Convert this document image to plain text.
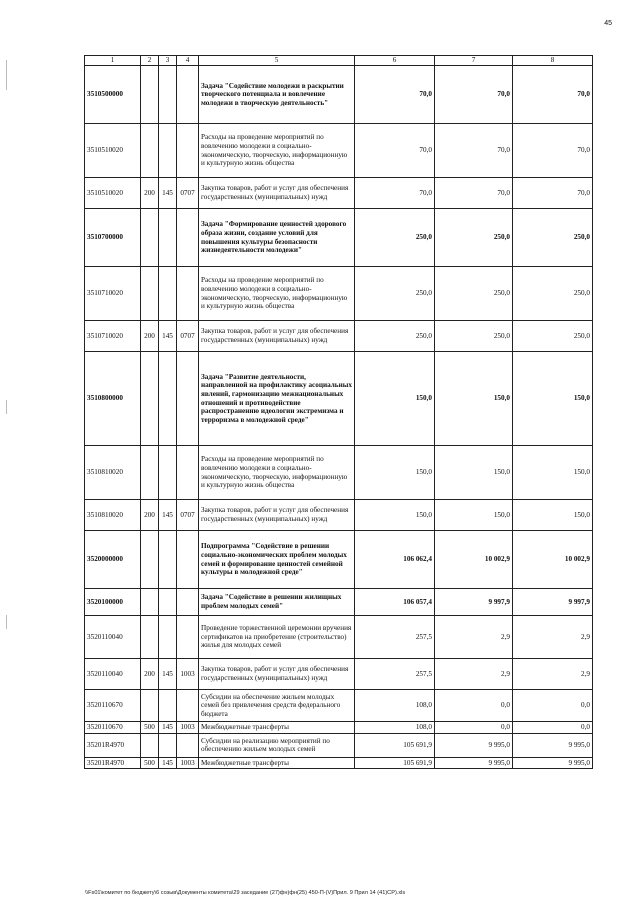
45
1	2	3	4	5	6	7	8
3510500000				Задача "Содействие молодежи в раскрытии творческого потенциала и вовлечение молодежи в творческую деятельность"	70,0	70,0	70,0
3510510020				Расходы на проведение мероприятий по вовлечению молодежи в социально-экономическую, творческую, информационную и культурную жизнь общества	70,0	70,0	70,0
3510510020	200	145	0707	Закупка товаров, работ и услуг для обеспечения государственных (муниципальных) нужд	70,0	70,0	70,0
3510700000				Задача "Формирование ценностей здорового образа жизни, создание условий для повышения культуры безопасности жизнедеятельности молодежи"	250,0	250,0	250,0
3510710020				Расходы на проведение мероприятий по вовлечению молодежи в социально-экономическую, творческую, информационную и культурную жизнь общества	250,0	250,0	250,0
3510710020	200	145	0707	Закупка товаров, работ и услуг для обеспечения государственных (муниципальных) нужд	250,0	250,0	250,0
3510800000				Задача "Развитие деятельности, направленной на профилактику асоциальных явлений, гармонизацию межнациональных отношений и противодействие распространению идеологии экстремизма и терроризма в молодежной среде"	150,0	150,0	150,0
3510810020				Расходы на проведение мероприятий по вовлечению молодежи в социально-экономическую, творческую, информационную и культурную жизнь общества	150,0	150,0	150,0
3510810020	200	145	0707	Закупка товаров, работ и услуг для обеспечения государственных (муниципальных) нужд	150,0	150,0	150,0
3520000000				Подпрограмма "Содействие в решении социально-экономических проблем молодых семей и формирование ценностей семейной культуры в молодежной среде"	106 062,4	10 002,9	10 002,9
3520100000				Задача "Содействие в решении жилищных проблем молодых семей"	106 057,4	9 997,9	9 997,9
3520110040				Проведение торжественной церемонии вручения сертификатов на приобретение (строительство) жилья для молодых семей	257,5	2,9	2,9
3520110040	200	145	1003	Закупка товаров, работ и услуг для обеспечения государственных (муниципальных) нужд	257,5	2,9	2,9
3520110670				Субсидии на обеспечение жильем молодых семей без привлечения средств федерального бюджета	108,0	0,0	0,0
3520110670	500	145	1003	Межбюджетные трансферты	108,0	0,0	0,0
35201R4970				Субсидии на реализацию мероприятий по обеспечению жильем молодых семей	105 691,9	9 995,0	9 995,0
35201R4970	500	145	1003	Межбюджетные трансферты	105 691,9	9 995,0	9 995,0
\\Fs01\комитет по бюджету\6 созыв\Документы комитета\29 заседание (27)фн)фн(25) 450-П-(V)Прил. 9 Прил 14 (41)СР).xls
